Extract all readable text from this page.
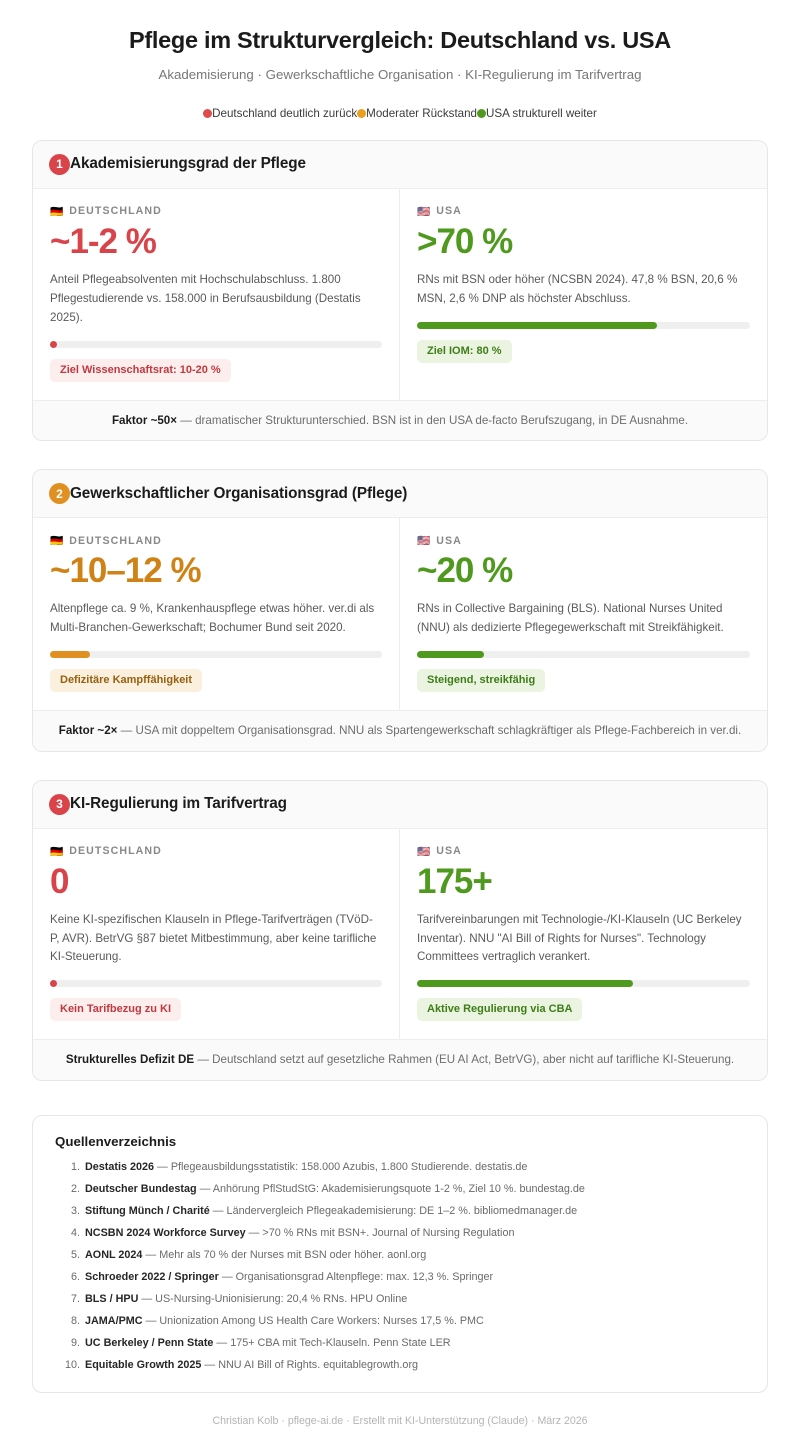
Pflege im Strukturvergleich: Deutschland vs. USA
Akademisierung · Gewerkschaftliche Organisation · KI-Regulierung im Tarifvertrag
Deutschland deutlich zurück Moderater Rückstand USA strukturell weiter
1 Akademisierungsgrad der Pflege
🇩🇪 DEUTSCHLAND
~1-2 %
Anteil Pflegeabsolventen mit Hochschulabschluss. 1.800 Pflegestudierende vs. 158.000 in Berufsausbildung (Destatis 2025).
Ziel Wissenschaftsrat: 10-20 %
🇺🇸 USA
>70 %
RNs mit BSN oder höher (NCSBN 2024). 47,8 % BSN, 20,6 % MSN, 2,6 % DNP als höchster Abschluss.
Ziel IOM: 80 %
Faktor ~50× — dramatischer Strukturunterschied. BSN ist in den USA de-facto Berufszugang, in DE Ausnahme.
2 Gewerkschaftlicher Organisationsgrad (Pflege)
🇩🇪 DEUTSCHLAND
~10–12 %
Altenpflege ca. 9 %, Krankenhauspflege etwas höher. ver.di als Multi-Branchen-Gewerkschaft; Bochumer Bund seit 2020.
Defizitäre Kampffähigkeit
🇺🇸 USA
~20 %
RNs in Collective Bargaining (BLS). National Nurses United (NNU) als dedizierte Pflegegewerkschaft mit Streikfähigkeit.
Steigend, streikfähig
Faktor ~2× — USA mit doppeltem Organisationsgrad. NNU als Spartengewerkschaft schlagkräftiger als Pflege-Fachbereich in ver.di.
3 KI-Regulierung im Tarifvertrag
🇩🇪 DEUTSCHLAND
0
Keine KI-spezifischen Klauseln in Pflege-Tarifverträgen (TVöD-P, AVR). BetrVG §87 bietet Mitbestimmung, aber keine tarifliche KI-Steuerung.
Kein Tarifbezug zu KI
🇺🇸 USA
175+
Tarifvereinbarungen mit Technologie-/KI-Klauseln (UC Berkeley Inventar). NNU "AI Bill of Rights for Nurses". Technology Committees vertraglich verankert.
Aktive Regulierung via CBA
Strukturelles Defizit DE — Deutschland setzt auf gesetzliche Rahmen (EU AI Act, BetrVG), aber nicht auf tarifliche KI-Steuerung.
Quellenverzeichnis
1. Destatis 2026 — Pflegeausbildungsstatistik: 158.000 Azubis, 1.800 Studierende. destatis.de
2. Deutscher Bundestag — Anhörung PflStudStG: Akademisierungsquote 1-2 %, Ziel 10 %. bundestag.de
3. Stiftung Münch / Charité — Ländervergleich Pflegeakademisierung: DE 1–2 %. bibliomedmanager.de
4. NCSBN 2024 Workforce Survey — >70 % RNs mit BSN+. Journal of Nursing Regulation
5. AONL 2024 — Mehr als 70 % der Nurses mit BSN oder höher. aonl.org
6. Schroeder 2022 / Springer — Organisationsgrad Altenpflege: max. 12,3 %. Springer
7. BLS / HPU — US-Nursing-Unionisierung: 20,4 % RNs. HPU Online
8. JAMA/PMC — Unionization Among US Health Care Workers: Nurses 17,5 %. PMC
9. UC Berkeley / Penn State — 175+ CBA mit Tech-Klauseln. Penn State LER
10. Equitable Growth 2025 — NNU AI Bill of Rights. equitablegrowth.org
Christian Kolb · pflege-ai.de · Erstellt mit KI-Unterstützung (Claude) · März 2026
